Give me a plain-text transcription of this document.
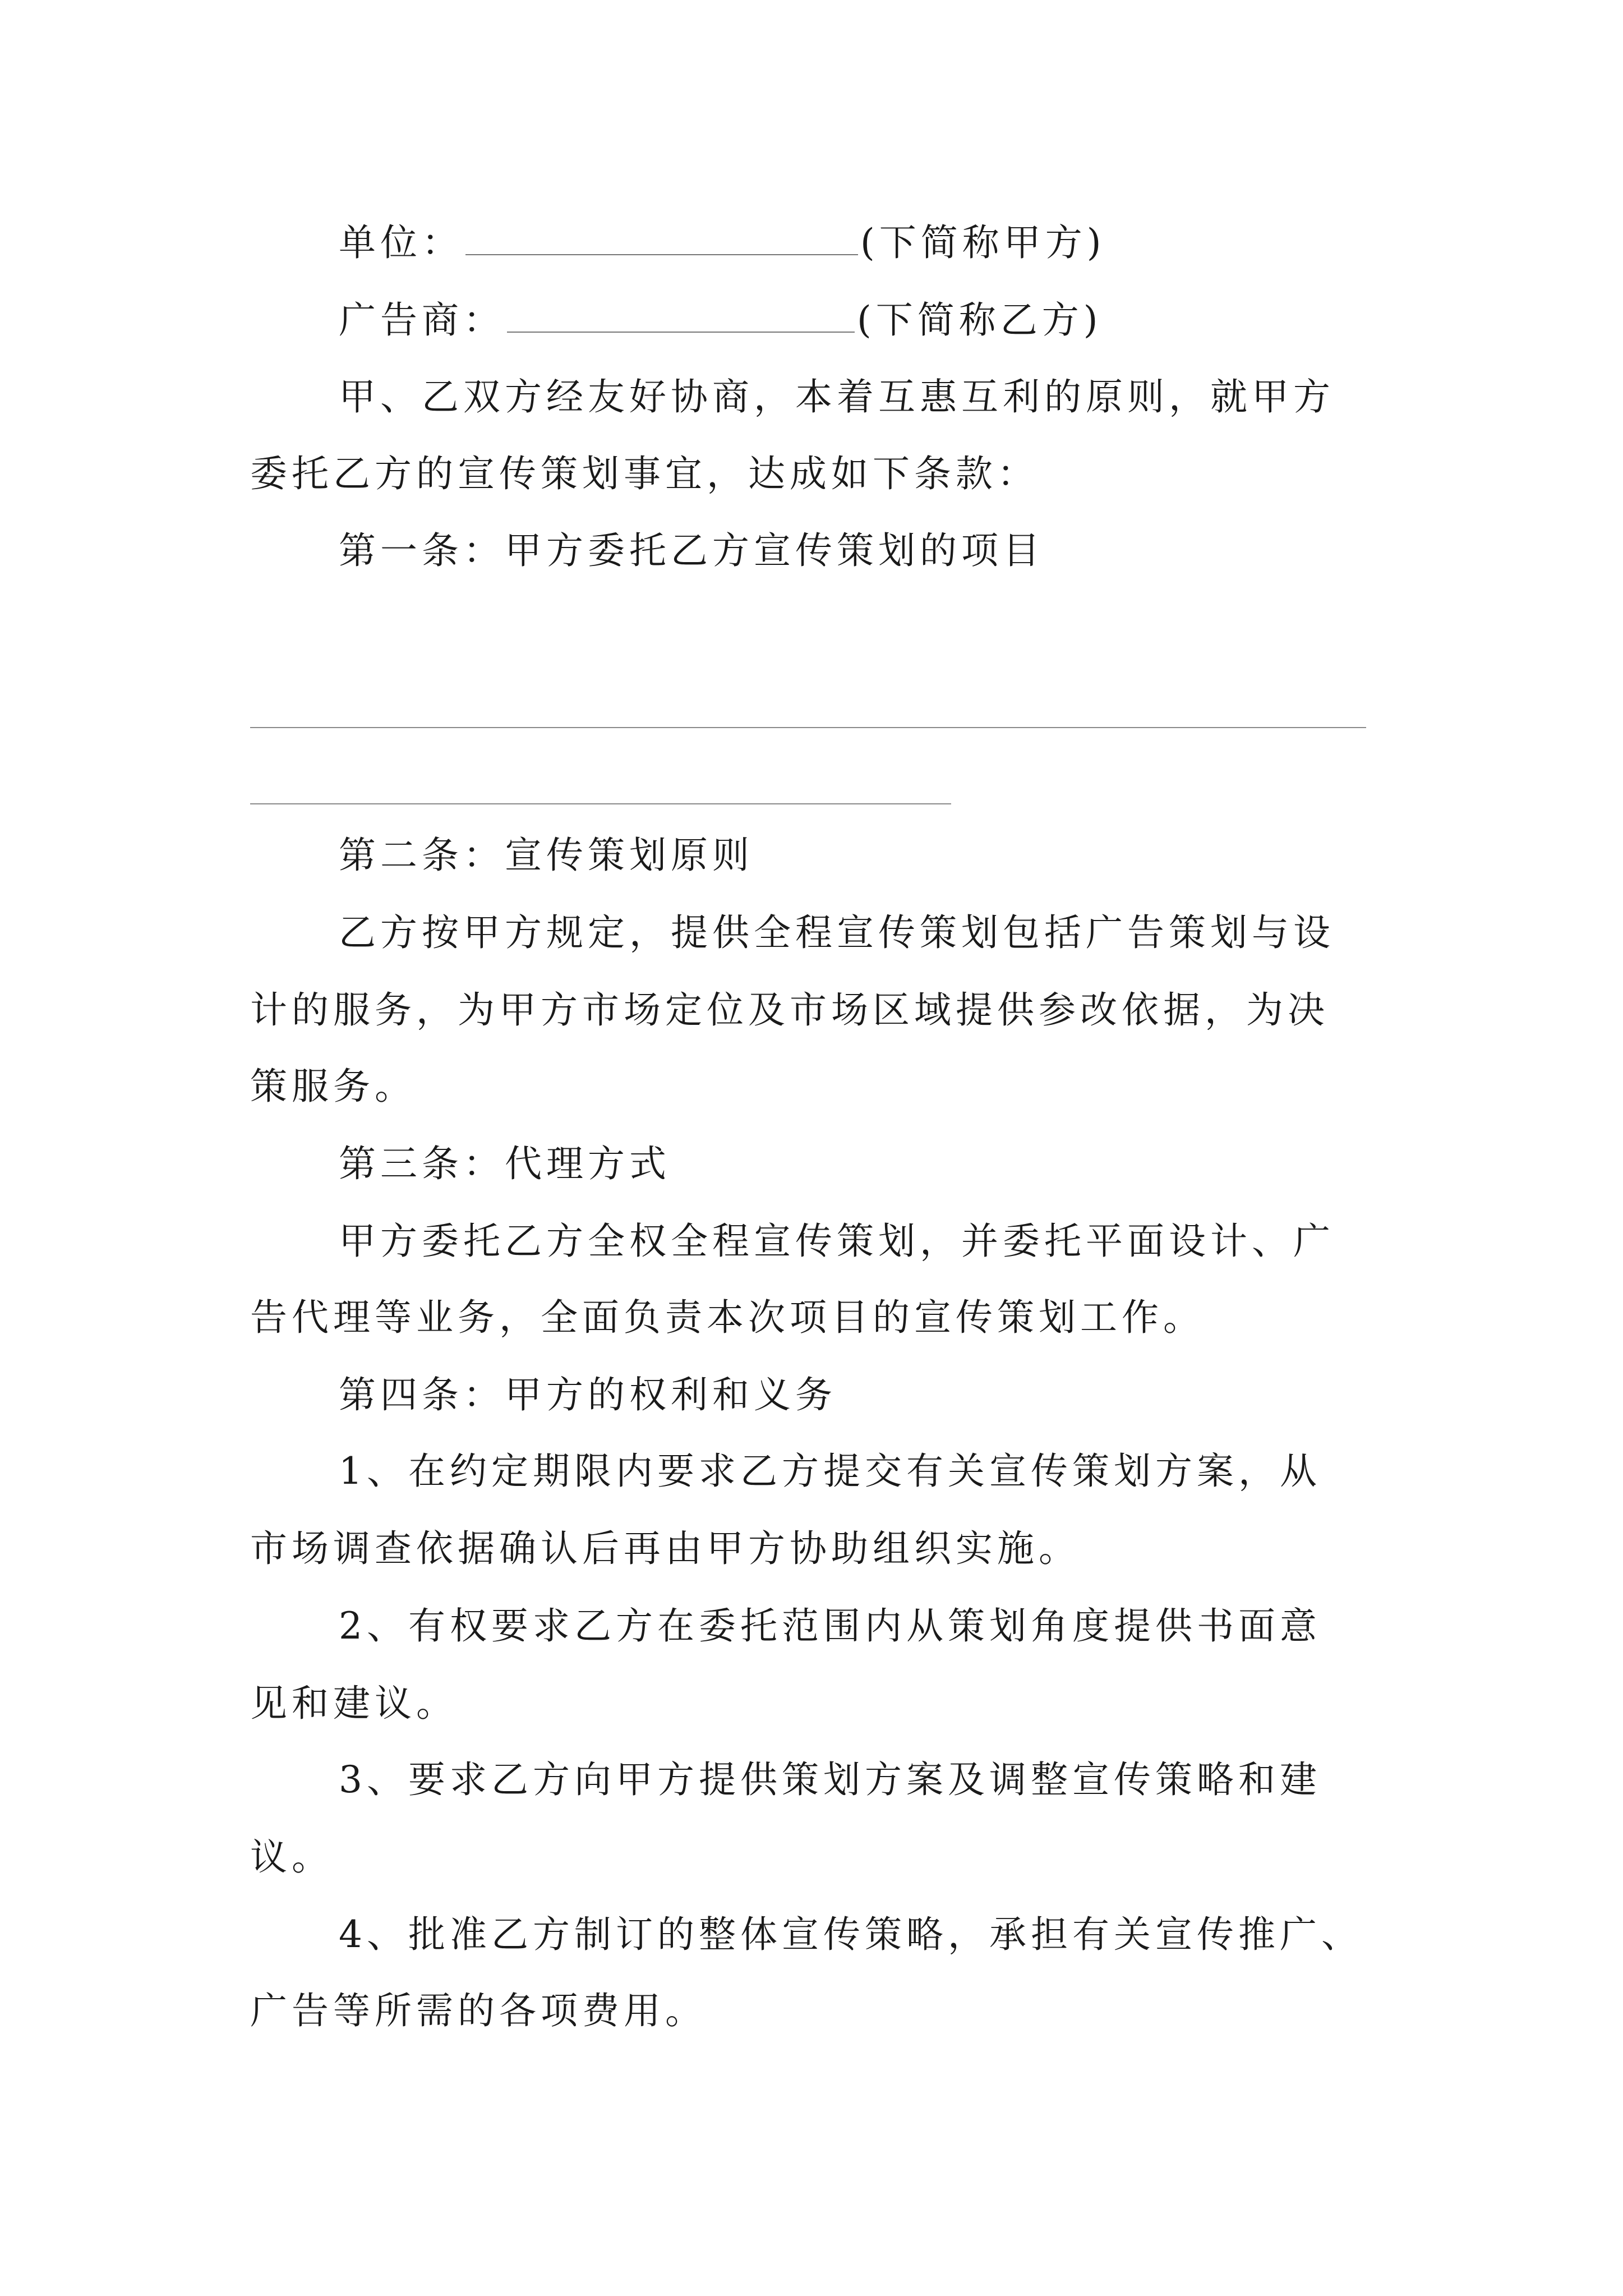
单位：	(下简称甲方)
广告商：	(下简称乙方)
甲、乙双方经友好协商，本着互惠互利的原则，就甲方
委托乙方的宣传策划事宜，达成如下条款：
第一条：甲方委托乙方宣传策划的项目
第二条：宣传策划原则
乙方按甲方规定，提供全程宣传策划包括广告策划与设
计的服务，为甲方市场定位及市场区域提供参改依据，为决
策服务。
第三条：代理方式
甲方委托乙方全权全程宣传策划，并委托平面设计、广
告代理等业务，全面负责本次项目的宣传策划工作。
第四条：甲方的权利和义务
1、在约定期限内要求乙方提交有关宣传策划方案，从
市场调查依据确认后再由甲方协助组织实施。
2、有权要求乙方在委托范围内从策划角度提供书面意
见和建议。
3、要求乙方向甲方提供策划方案及调整宣传策略和建
议。
4、批准乙方制订的整体宣传策略，承担有关宣传推广、
广告等所需的各项费用。
